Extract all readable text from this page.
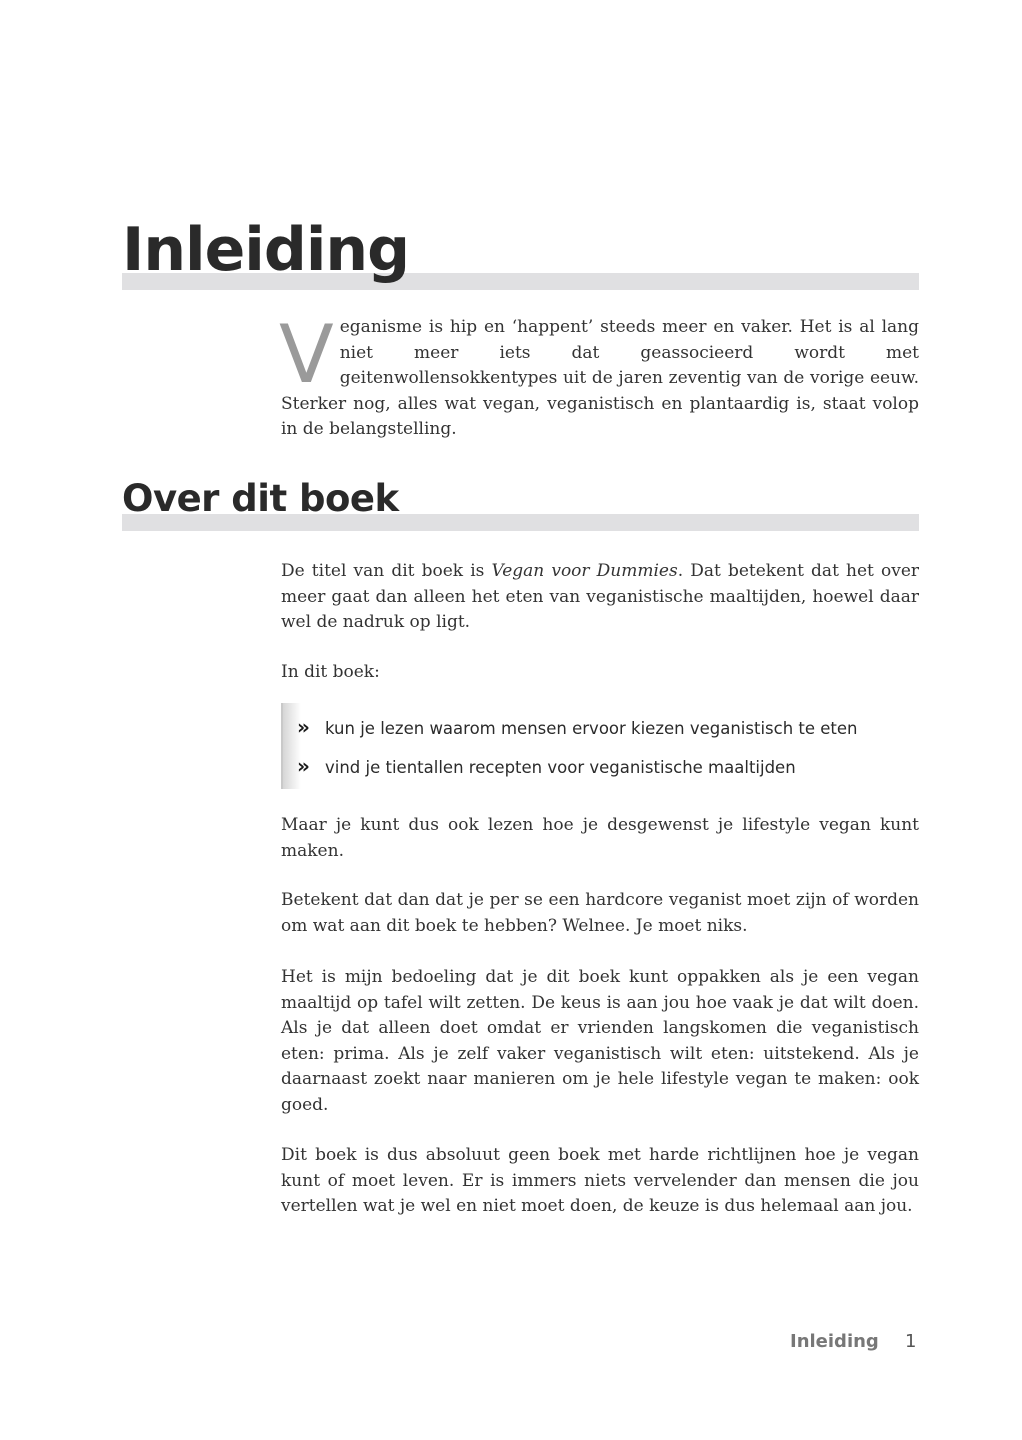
Inleiding

Veganisme is hip en ‘happent’ steeds meer en vaker. Het is al lang niet meer iets dat geassocieerd wordt met geitenwollensokkentypes uit de jaren zeventig van de vorige eeuw. Sterker nog, alles wat vegan, veganistisch en plantaardig is, staat volop in de belangstelling.

Over dit boek

De titel van dit boek is Vegan voor Dummies. Dat betekent dat het over meer gaat dan alleen het eten van veganistische maaltijden, hoewel daar wel de nadruk op ligt.

In dit boek:

» kun je lezen waarom mensen ervoor kiezen veganistisch te eten
» vind je tientallen recepten voor veganistische maaltijden

Maar je kunt dus ook lezen hoe je desgewenst je lifestyle vegan kunt maken.

Betekent dat dan dat je per se een hardcore veganist moet zijn of worden om wat aan dit boek te hebben? Welnee. Je moet niks.

Het is mijn bedoeling dat je dit boek kunt oppakken als je een vegan maaltijd op tafel wilt zetten. De keus is aan jou hoe vaak je dat wilt doen. Als je dat alleen doet omdat er vrienden langskomen die veganistisch eten: prima. Als je zelf vaker veganistisch wilt eten: uitstekend. Als je daarnaast zoekt naar manieren om je hele lifestyle vegan te maken: ook goed.

Dit boek is dus absoluut geen boek met harde richtlijnen hoe je vegan kunt of moet leven. Er is immers niets vervelender dan mensen die jou vertellen wat je wel en niet moet doen, de keuze is dus helemaal aan jou.

Inleiding 1
